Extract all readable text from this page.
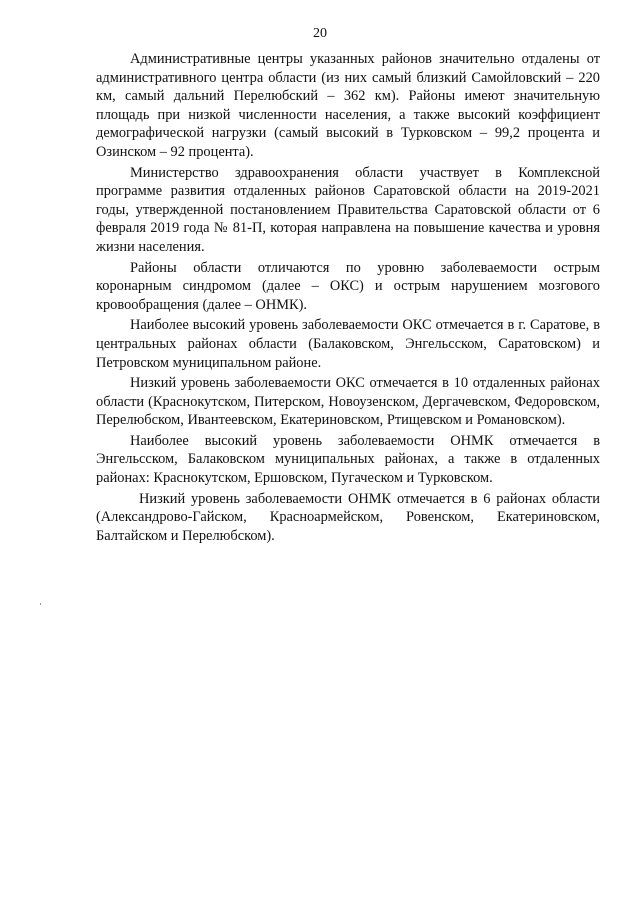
20

Административные центры указанных районов значительно отдалены от административного центра области (из них самый близкий Самойловский – 220 км, самый дальний Перелюбский – 362 км). Районы имеют значительную площадь при низкой численности населения, а также высокий коэффициент демографической нагрузки (самый высокий в Турковском – 99,2 процента и Озинском – 92 процента).

Министерство здравоохранения области участвует в Комплексной программе развития отдаленных районов Саратовской области на 2019-2021 годы, утвержденной постановлением Правительства Саратовской области от 6 февраля 2019 года № 81-П, которая направлена на повышение качества и уровня жизни населения.

Районы области отличаются по уровню заболеваемости острым коронарным синдромом (далее – ОКС) и острым нарушением мозгового кровообращения (далее – ОНМК).

Наиболее высокий уровень заболеваемости ОКС отмечается в г. Саратове, в центральных районах области (Балаковском, Энгельсском, Саратовском) и Петровском муниципальном районе.

Низкий уровень заболеваемости ОКС отмечается в 10 отдаленных районах области (Краснокутском, Питерском, Новоузенском, Дергачевском, Федоровском, Перелюбском, Ивантеевском, Екатериновском, Ртищевском и Романовском).

Наиболее высокий уровень заболеваемости ОНМК отмечается в Энгельсском, Балаковском муниципальных районах, а также в отдаленных районах: Краснокутском, Ершовском, Пугаческом и Турковском.

Низкий уровень заболеваемости ОНМК отмечается в 6 районах области (Александрово-Гайском, Красноармейском, Ровенском, Екатериновском, Балтайском и Перелюбском).
